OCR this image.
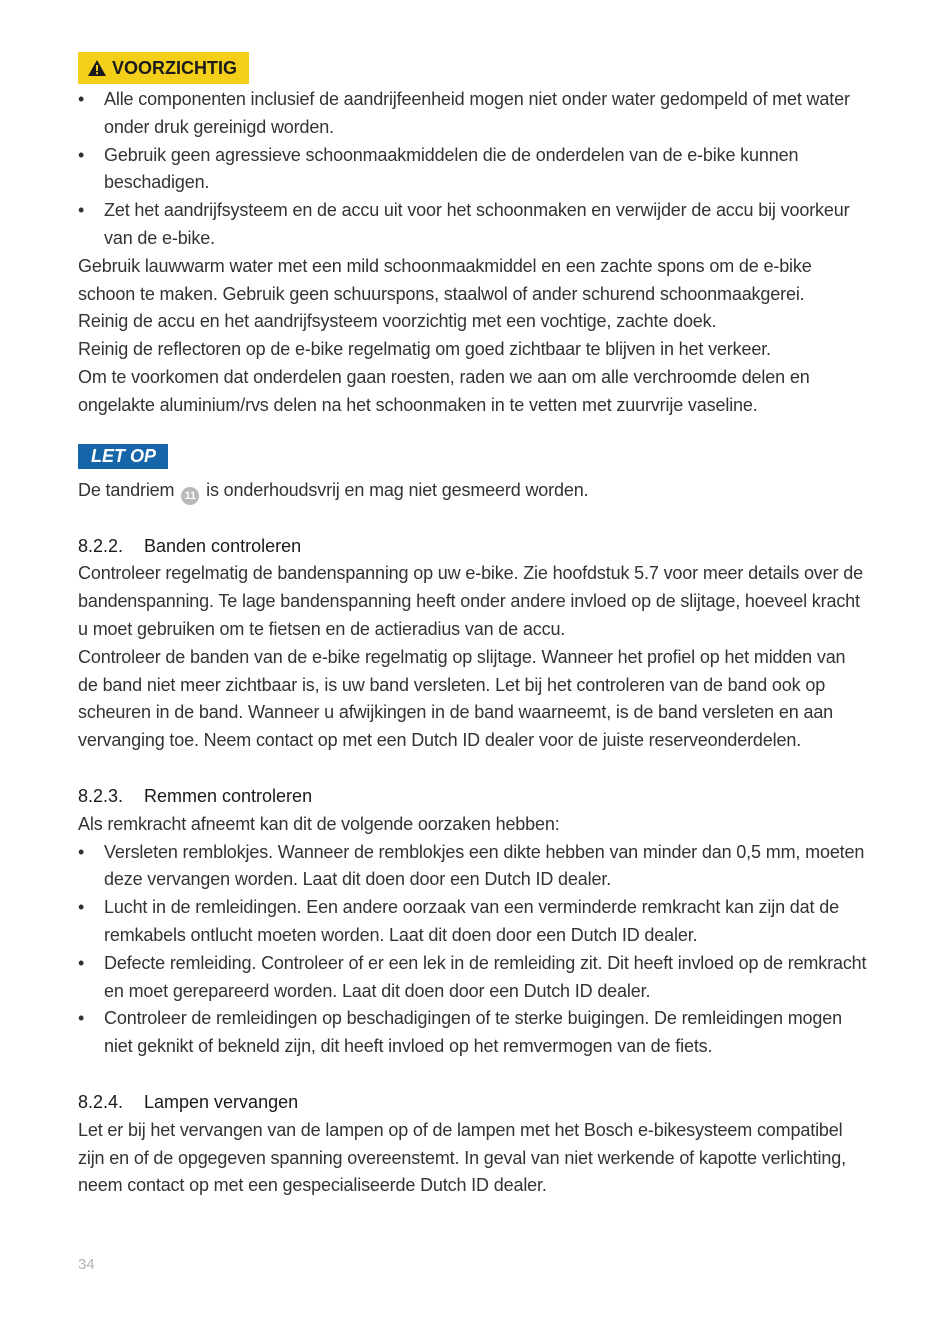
VOORZICHTIG
• Alle componenten inclusief de aandrijfeenheid mogen niet onder water gedompeld of met water onder druk gereinigd worden.
• Gebruik geen agressieve schoonmaakmiddelen die de onderdelen van de e-bike kunnen beschadigen.
• Zet het aandrijfsysteem en de accu uit voor het schoonmaken en verwijder de accu bij voorkeur van de e-bike.
Gebruik lauwwarm water met een mild schoonmaakmiddel en een zachte spons om de e-bike schoon te maken. Gebruik geen schuurspons, staalwol of ander schurend schoonmaakgerei.
Reinig de accu en het aandrijfsysteem voorzichtig met een vochtige, zachte doek.
Reinig de reflectoren op de e-bike regelmatig om goed zichtbaar te blijven in het verkeer.
Om te voorkomen dat onderdelen gaan roesten, raden we aan om alle verchroomde delen en ongelakte aluminium/rvs delen na het schoonmaken in te vetten met zuurvrije vaseline.
LET OP
De tandriem 11 is onderhoudsvrij en mag niet gesmeerd worden.
8.2.2.	Banden controleren
Controleer regelmatig de bandenspanning op uw e-bike. Zie hoofdstuk 5.7 voor meer details over de bandenspanning. Te lage bandenspanning heeft onder andere invloed op de slijtage, hoeveel kracht u moet gebruiken om te fietsen en de actieradius van de accu.
Controleer de banden van de e-bike regelmatig op slijtage. Wanneer het profiel op het midden van de band niet meer zichtbaar is, is uw band versleten. Let bij het controleren van de band ook op scheuren in de band. Wanneer u afwijkingen in de band waarneemt, is de band versleten en aan vervanging toe. Neem contact op met een Dutch ID dealer voor de juiste reserveonderdelen.
8.2.3.	Remmen controleren
Als remkracht afneemt kan dit de volgende oorzaken hebben:
• Versleten remblokjes. Wanneer de remblokjes een dikte hebben van minder dan 0,5 mm, moeten deze vervangen worden. Laat dit doen door een Dutch ID dealer.
• Lucht in de remleidingen. Een andere oorzaak van een verminderde remkracht kan zijn dat de remkabels ontlucht moeten worden. Laat dit doen door een Dutch ID dealer.
• Defecte remleiding. Controleer of er een lek in de remleiding zit. Dit heeft invloed op de remkracht en moet gerepareerd worden. Laat dit doen door een Dutch ID dealer.
• Controleer de remleidingen op beschadigingen of te sterke buigingen. De remleidingen mogen niet geknikt of bekneld zijn, dit heeft invloed op het remvermogen van de fiets.
8.2.4.	Lampen vervangen
Let er bij het vervangen van de lampen op of de lampen met het Bosch e-bikesysteem compatibel zijn en of de opgegeven spanning overeenstemt. In geval van niet werkende of kapotte verlichting, neem contact op met een gespecialiseerde Dutch ID dealer.
34
